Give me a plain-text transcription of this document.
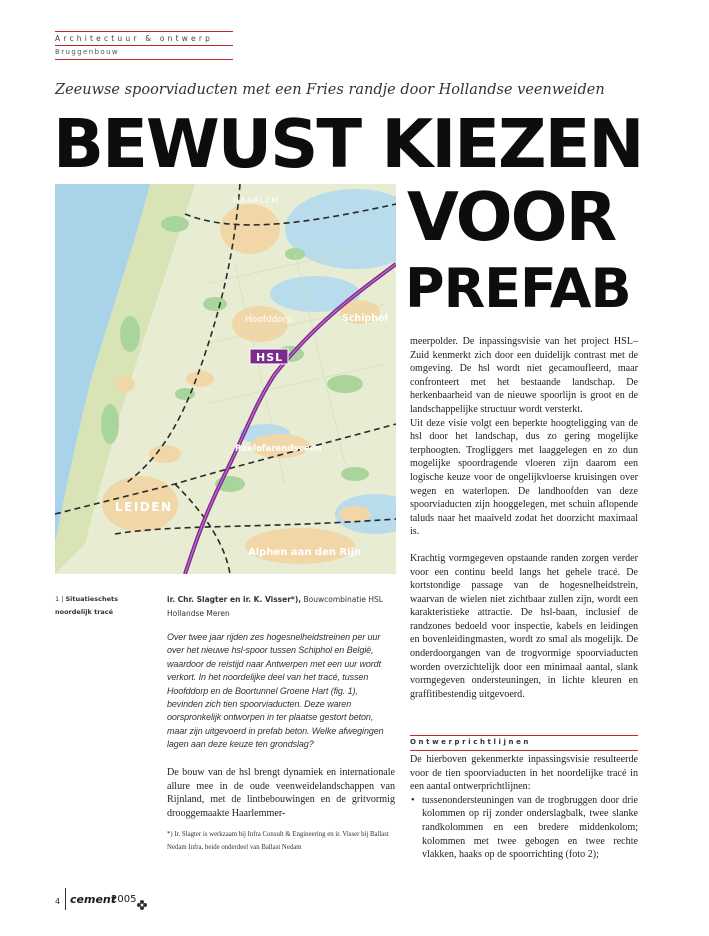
Architectuur & ontwerp
Bruggenbouw
Zeeuwse spoorviaducten met een Fries randje door Hollandse veenweiden
BEWUST KIEZEN
VOOR
PREFAB
HAARLEM
Hoofddorp	Schiphol
HSL
Roelofarendsveen
LEIDEN
Alphen aan den Rijn
1 | Situatieschets noordelijk tracé
ir. Chr. Slagter en ir. K. Visser*), Bouwcombinatie HSL Hollandse Meren
Over twee jaar rijden zes hogesnelheidstreinen per uur over het nieuwe hsl-spoor tussen Schiphol en België, waardoor de reistijd naar Antwerpen met een uur wordt verkort. In het noordelijke deel van het tracé, tussen Hoofddorp en de Boortunnel Groene Hart (fig. 1), bevinden zich tien spoorviaducten. Deze waren oorspronkelijk ontworpen in ter plaatse gestort beton, maar zijn uitgevoerd in prefab beton. Welke afwegingen lagen aan deze keuze ten grondslag?
De bouw van de hsl brengt dynamiek en internationale allure mee in de oude veenweidelandschappen van Rijnland, met de lintbebouwingen en de gritvormig drooggemaakte Haarlemmer-
*) Ir. Slagter is werkzaam bij Infra Consult & Engineering en ir. Visser bij Ballast Nedam Infra, beide onderdeel van Ballast Nedam

meerpolder. De inpassingsvisie van het project HSL–Zuid kenmerkt zich door een duidelijk contrast met de omgeving. De hsl wordt niet gecamoufleerd, maar confronteert met het bestaande landschap. De herkenbaarheid van de nieuwe spoorlijn is groot en de landschappelijke structuur wordt versterkt.

Uit deze visie volgt een beperkte hoogteligging van de hsl door het landschap, dus zo gering mogelijke terphoogten. Trogliggers met laaggelegen en zo dun mogelijke spoordragende vloeren zijn daarom een logische keuze voor de ongelijkvloerse kruisingen over wegen en waterlopen. De landhoofden van deze spoorviaducten zijn hooggelegen, met schuin aflopende taluds naar het maaiveld zodat het doorzicht maximaal is.

Krachtig vormgegeven opstaande randen zorgen verder voor een continu beeld langs het gehele tracé. De kortstondige passage van de hogesnelheidstrein, waarvan de wielen niet zichtbaar zullen zijn, wordt een karakteristieke attractie. De hsl-baan, inclusief de randzones bedoeld voor inspectie, kabels en leidingen en bovenleidingmasten, wordt zo smal als mogelijk. De onderdoorgangen van de trogvormige spoorviaducten worden overzichtelijk door een minimaal aantal, slank vormgegeven ondersteuningen, in lichte kleuren en graffitibestendig uitgevoerd.

Ontwerprichtlijnen

De hierboven gekenmerkte inpassingsvisie resulteerde voor de tien spoorviaducten in het noordelijke tracé in een aantal ontwerprichtlijnen:

• tussenondersteuningen van de trogbruggen door drie kolommen op rij zonder onderslagbalk, twee slanke randkolommen en een bredere middenkolom; kolommen met twee gebogen en twee rechte vlakken, haaks op de spoorrichting (foto 2);
4 cement
2005
